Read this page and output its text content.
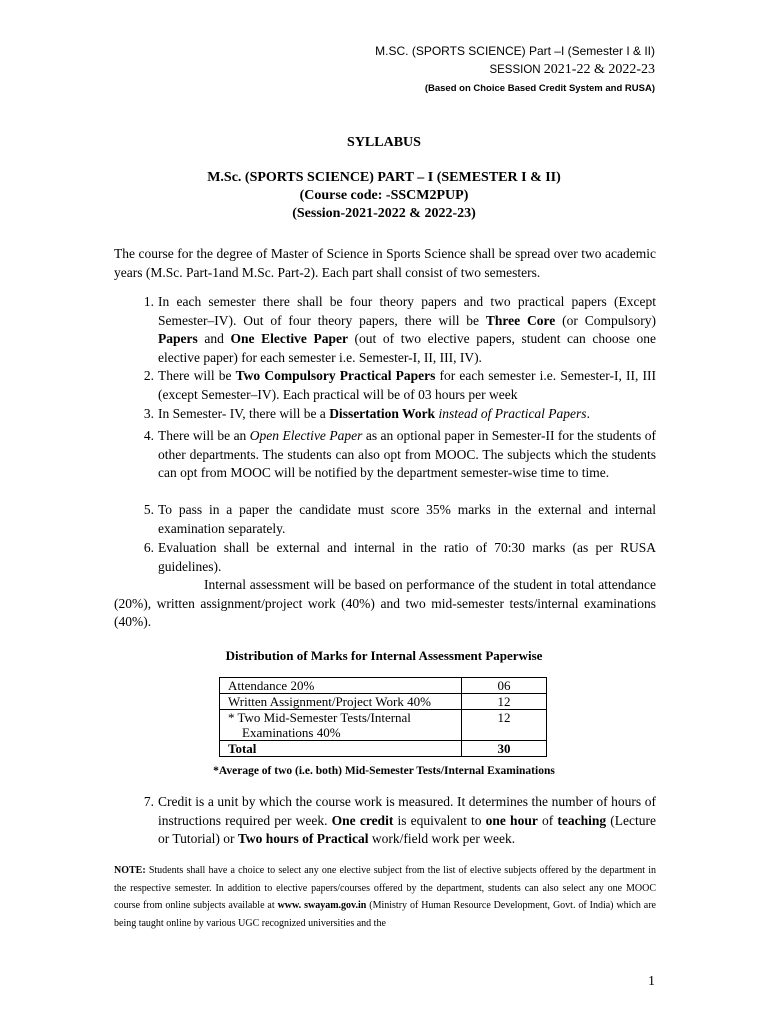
M.SC. (SPORTS SCIENCE) Part –I (Semester I & II)
SESSION 2021-22 & 2022-23
(Based on Choice Based Credit System and RUSA)
SYLLABUS
M.Sc. (SPORTS SCIENCE) PART – I (SEMESTER I & II)
(Course code: -SSCM2PUP)
(Session-2021-2022 & 2022-23)
The course for the degree of Master of Science in Sports Science shall be spread over two academic years (M.Sc. Part-1and M.Sc. Part-2). Each part shall consist of two semesters.
1. In each semester there shall be four theory papers and two practical papers (Except Semester–IV). Out of four theory papers, there will be Three Core (or Compulsory) Papers and One Elective Paper (out of two elective papers, student can choose one elective paper) for each semester i.e. Semester-I, II, III, IV).
2. There will be Two Compulsory Practical Papers for each semester i.e. Semester-I, II, III (except Semester–IV). Each practical will be of 03 hours per week
3. In Semester- IV, there will be a Dissertation Work instead of Practical Papers.
4. There will be an Open Elective Paper as an optional paper in Semester-II for the students of other departments. The students can also opt from MOOC. The subjects which the students can opt from MOOC will be notified by the department semester-wise time to time.
5. To pass in a paper the candidate must score 35% marks in the external and internal examination separately.
6. Evaluation shall be external and internal in the ratio of 70:30 marks (as per RUSA guidelines).
Internal assessment will be based on performance of the student in total attendance (20%), written assignment/project work (40%) and two mid-semester tests/internal examinations (40%).
Distribution of Marks for Internal Assessment Paperwise
Attendance 20%	06
Written Assignment/Project Work 40%	12

* Two Mid-Semester Tests/Internal
Examinations 40%	12
Total	30
*Average of two (i.e. both) Mid-Semester Tests/Internal Examinations
7. Credit is a unit by which the course work is measured. It determines the number of hours of instructions required per week. One credit is equivalent to one hour of teaching (Lecture or Tutorial) or Two hours of Practical work/field work per week.
NOTE: Students shall have a choice to select any one elective subject from the list of elective subjects offered by the department in the respective semester. In addition to elective papers/courses offered by the department, students can also select any one MOOC course from online subjects available at www. swayam.gov.in (Ministry of Human Resource Development, Govt. of India) which are being taught online by various UGC recognized universities and the
1
